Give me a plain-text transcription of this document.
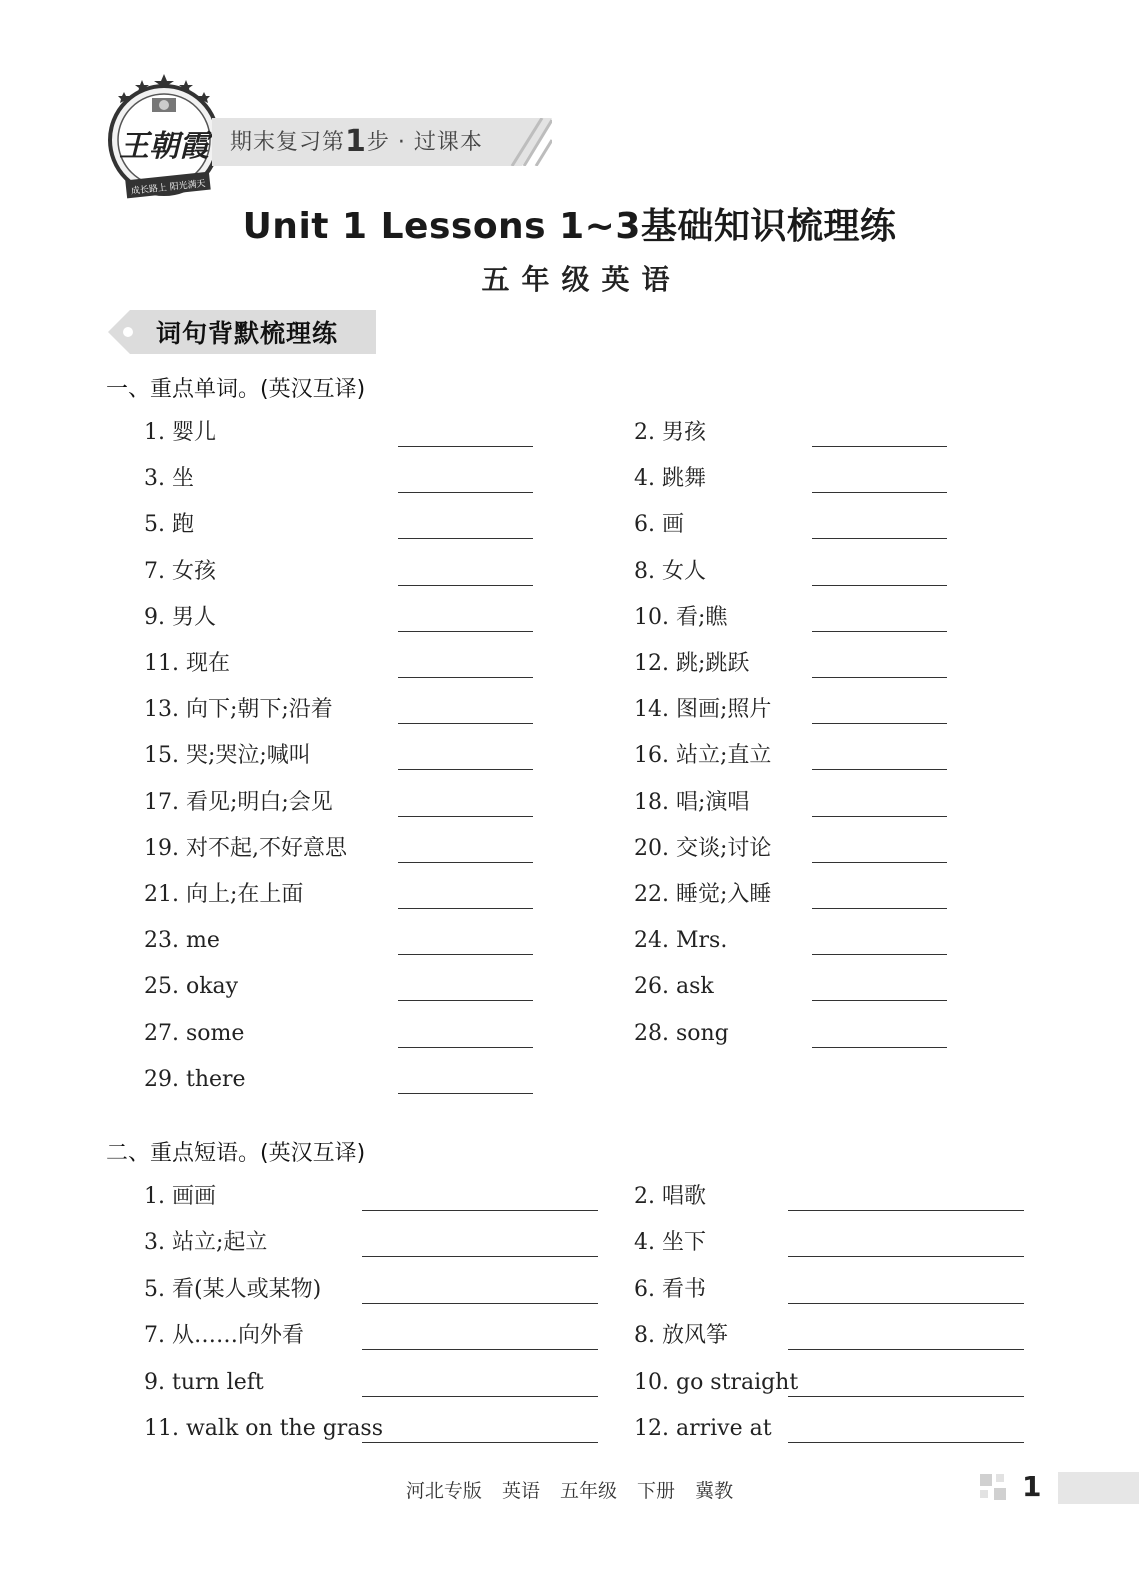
王朝霞
成长路上 阳光满天
期末复习第1步 · 过课本
Unit 1 Lessons 1~3基础知识梳理练
五年级英语
词句背默梳理练
一、重点单词。(英汉互译)
1. 婴儿	2. 男孩
3. 坐	4. 跳舞
5. 跑	6. 画
7. 女孩	8. 女人
9. 男人	10. 看;瞧
11. 现在	12. 跳;跳跃
13. 向下;朝下;沿着	14. 图画;照片
15. 哭;哭泣;喊叫	16. 站立;直立
17. 看见;明白;会见	18. 唱;演唱
19. 对不起,不好意思	20. 交谈;讨论
21. 向上;在上面	22. 睡觉;入睡
23. me	24. Mrs.
25. okay	26. ask
27. some	28. song
29. there
二、重点短语。(英汉互译)
1. 画画	2. 唱歌
3. 站立;起立	4. 坐下
5. 看(某人或某物)	6. 看书
7. 从……向外看	8. 放风筝
9. turn left	10. go straight
11. walk on the grass	12. arrive at
河北专版 英语 五年级 下册 冀教	1
